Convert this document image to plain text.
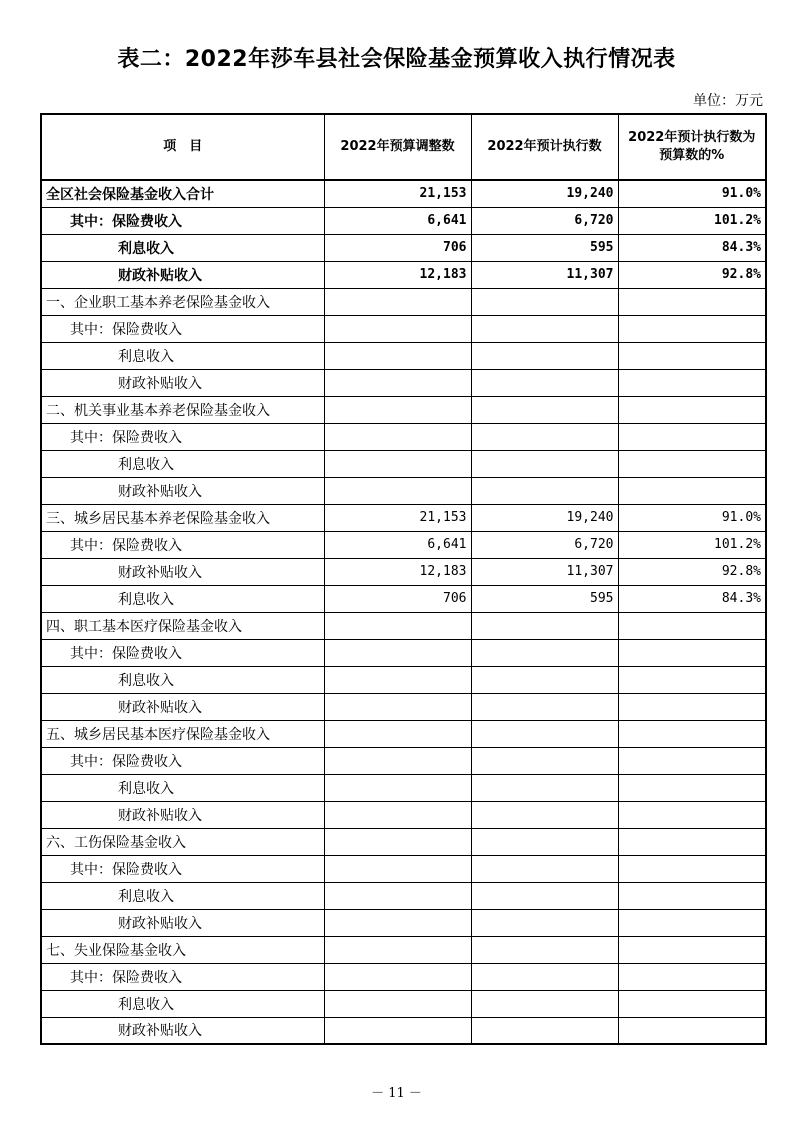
表二：2022年莎车县社会保险基金预算收入执行情况表
单位：万元
项　目	2022年预算调整数	2022年预计执行数	2022年预计执行数为预算数的%
全区社会保险基金收入合计	21,153	19,240	91.0%
其中：保险费收入	6,641	6,720	101.2%
利息收入	706	595	84.3%
财政补贴收入	12,183	11,307	92.8%
一、企业职工基本养老保险基金收入			
其中：保险费收入			
利息收入			
财政补贴收入			
二、机关事业基本养老保险基金收入			
其中：保险费收入			
利息收入			
财政补贴收入			
三、城乡居民基本养老保险基金收入	21,153	19,240	91.0%
其中：保险费收入	6,641	6,720	101.2%
财政补贴收入	12,183	11,307	92.8%
利息收入	706	595	84.3%
四、职工基本医疗保险基金收入			
其中：保险费收入			
利息收入			
财政补贴收入			
五、城乡居民基本医疗保险基金收入			
其中：保险费收入			
利息收入			
财政补贴收入			
六、工伤保险基金收入			
其中：保险费收入			
利息收入			
财政补贴收入			
七、失业保险基金收入			
其中：保险费收入			
利息收入			
财政补贴收入			
－ 11 －
